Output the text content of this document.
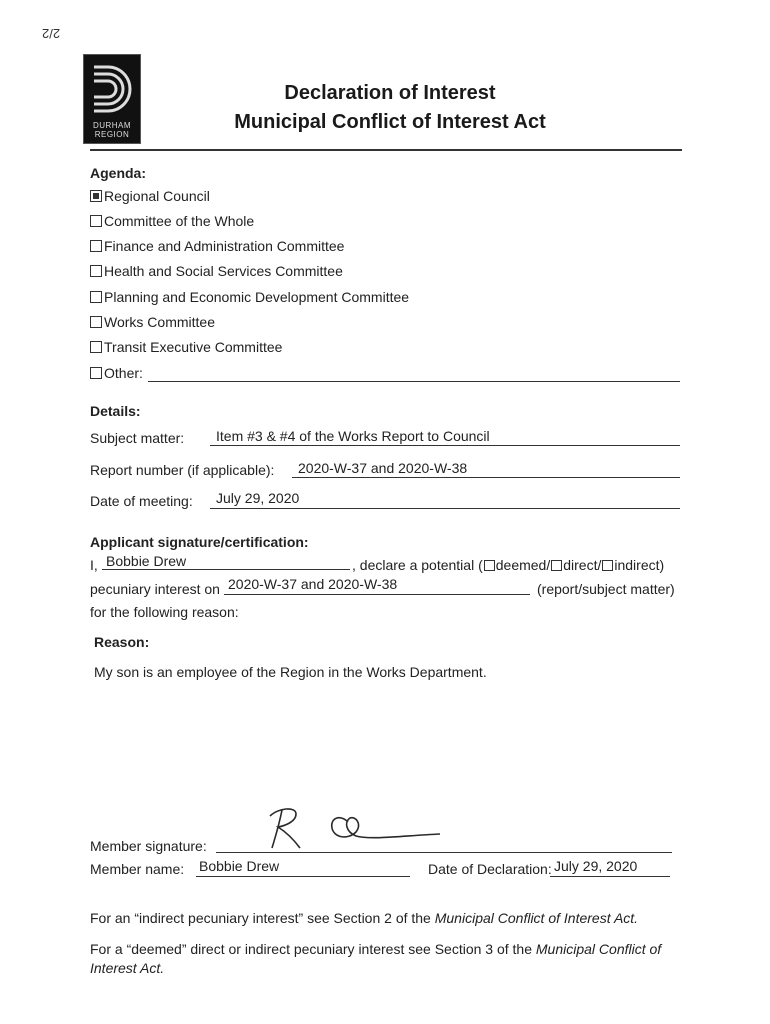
2/2
DURHAM
REGION
Declaration of Interest
Municipal Conflict of Interest Act
Agenda:
Regional Council
Committee of the Whole
Finance and Administration Committee
Health and Social Services Committee
Planning and Economic Development Committee
Works Committee
Transit Executive Committee
Other:
Details:
Subject matter: Item #3 & #4 of the Works Report to Council
Report number (if applicable): 2020-W-37 and 2020-W-38
Date of meeting: July 29, 2020
Applicant signature/certification:
I, Bobbie Drew	, declare a potential ( deemed/ direct/ indirect)
pecuniary interest on 2020-W-37 and 2020-W-38	(report/subject matter)
for the following reason:
Reason:
My son is an employee of the Region in the Works Department.
Member signature:
Member name: Bobbie Drew	Date of Declaration: July 29, 2020
For an “indirect pecuniary interest” see Section 2 of the Municipal Conflict of Interest Act.
For a “deemed” direct or indirect pecuniary interest see Section 3 of the Municipal Conflict of Interest Act.
